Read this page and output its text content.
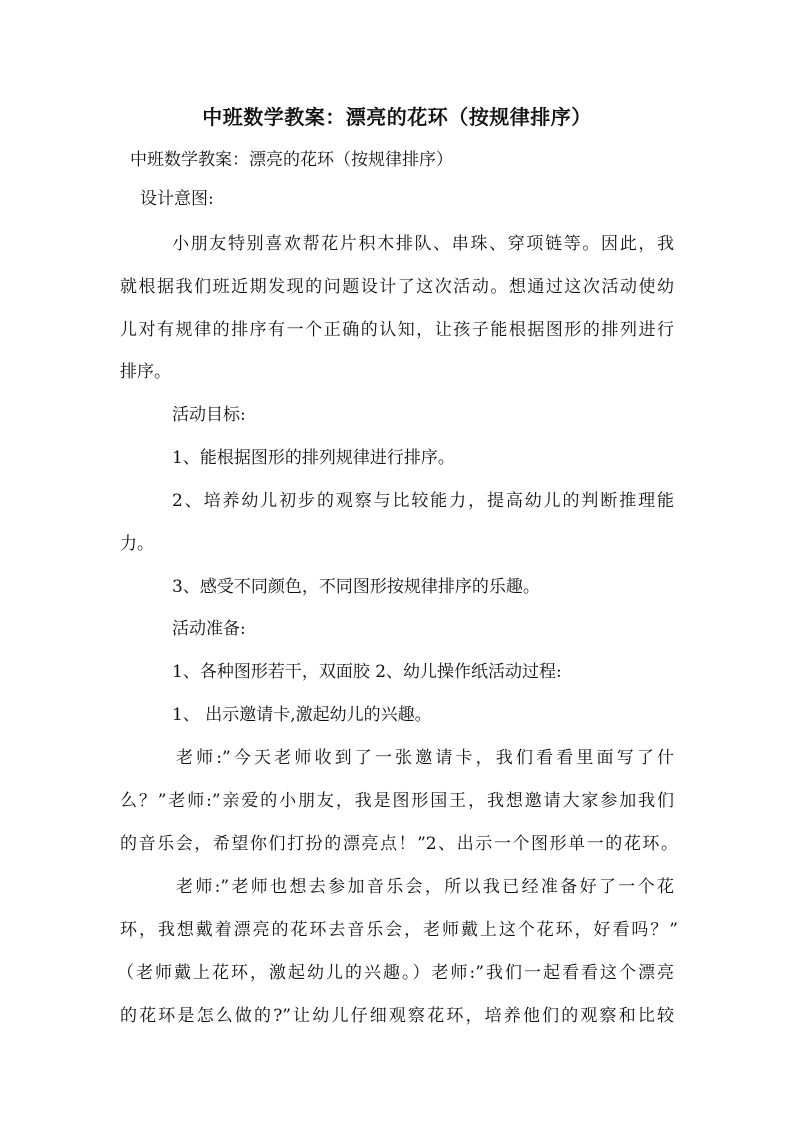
中班数学教案：漂亮的花环（按规律排序）
中班数学教案：漂亮的花环（按规律排序）
设计意图:
小朋友特别喜欢帮花片积木排队、串珠、穿项链等。因此，我
就根据我们班近期发现的问题设计了这次活动。想通过这次活动使幼
儿对有规律的排序有一个正确的认知，让孩子能根据图形的排列进行
排序。
活动目标:
1、能根据图形的排列规律进行排序。
2、培养幼儿初步的观察与比较能力，提高幼儿的判断推理能
力。
3、感受不同颜色，不同图形按规律排序的乐趣。
活动准备:
1、各种图形若干，双面胶 2、幼儿操作纸活动过程:
1、 出示邀请卡,激起幼儿的兴趣。
老师:”今天老师收到了一张邀请卡，我们看看里面写了什
么？”老师:”亲爱的小朋友，我是图形国王，我想邀请大家参加我们
的音乐会，希望你们打扮的漂亮点！”2、出示一个图形单一的花环。
老师:”老师也想去参加音乐会，所以我已经准备好了一个花
环，我想戴着漂亮的花环去音乐会，老师戴上这个花环，好看吗？”
（老师戴上花环，激起幼儿的兴趣。）老师:”我们一起看看这个漂亮
的花环是怎么做的?”让幼儿仔细观察花环，培养他们的观察和比较
